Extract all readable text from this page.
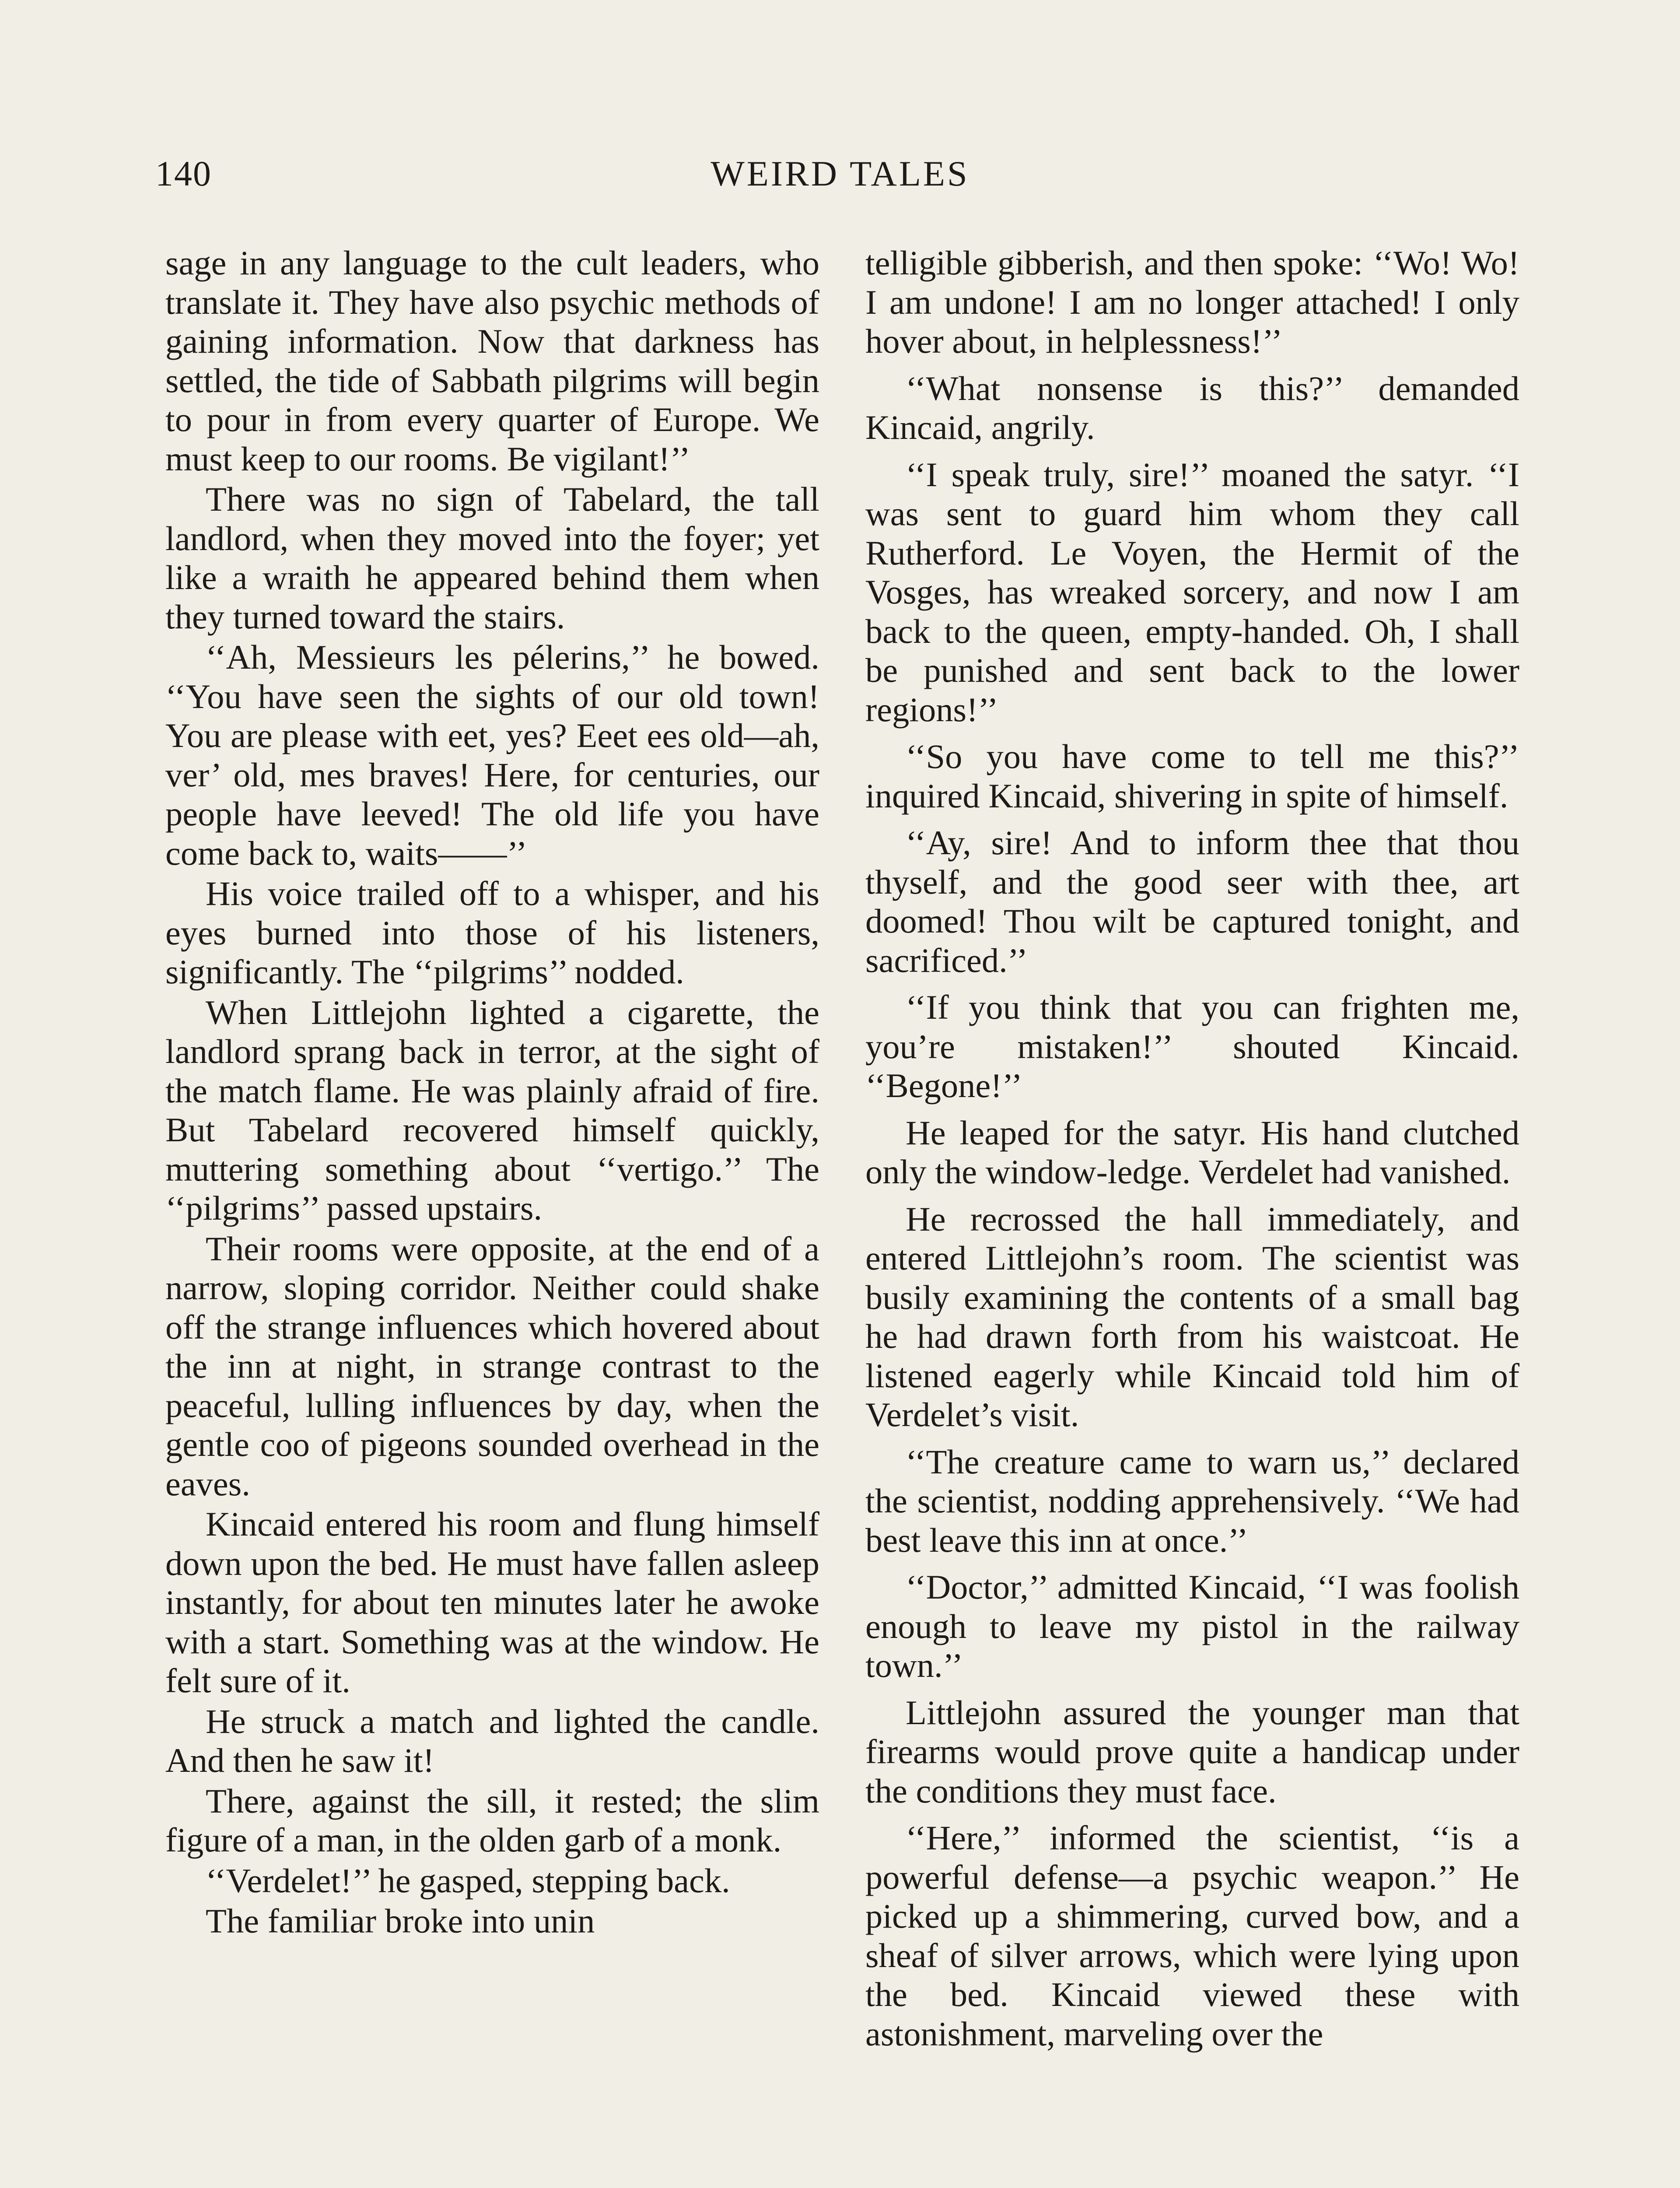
140	WEIRD TALES

sage in any language to the cult leaders, who translate it. They have also psychic methods of gaining information. Now that darkness has settled, the tide of Sabbath pilgrims will begin to pour in from every quarter of Europe. We must keep to our rooms. Be vigilant!’’

There was no sign of Tabelard, the tall landlord, when they moved into the foyer; yet like a wraith he appeared behind them when they turned toward the stairs.

‘‘Ah, Messieurs les pélerins,’’ he bowed. ‘‘You have seen the sights of our old town! You are please with eet, yes? Eeet ees old—ah, ver’ old, mes braves! Here, for centuries, our people have leeved! The old life you have come back to, waits——’’

His voice trailed off to a whisper, and his eyes burned into those of his listeners, significantly. The ‘‘pilgrims’’ nodded.

When Littlejohn lighted a cigarette, the landlord sprang back in terror, at the sight of the match flame. He was plainly afraid of fire. But Tabelard recovered himself quickly, muttering something about ‘‘vertigo.’’ The ‘‘pilgrims’’ passed upstairs.

Their rooms were opposite, at the end of a narrow, sloping corridor. Neither could shake off the strange influences which hovered about the inn at night, in strange contrast to the peaceful, lulling influences by day, when the gentle coo of pigeons sounded overhead in the eaves.

Kincaid entered his room and flung himself down upon the bed. He must have fallen asleep instantly, for about ten minutes later he awoke with a start. Something was at the window. He felt sure of it.

He struck a match and lighted the candle. And then he saw it!

There, against the sill, it rested; the slim figure of a man, in the olden garb of a monk.

‘‘Verdelet!’’ he gasped, stepping back.

The familiar broke into unin

telligible gibberish, and then spoke: ‘‘Wo! Wo! I am undone! I am no longer attached! I only hover about, in helplessness!’’

‘‘What nonsense is this?’’ demanded Kincaid, angrily.

‘‘I speak truly, sire!’’ moaned the satyr. ‘‘I was sent to guard him whom they call Rutherford. Le Voyen, the Hermit of the Vosges, has wreaked sorcery, and now I am back to the queen, empty-handed. Oh, I shall be punished and sent back to the lower regions!’’

‘‘So you have come to tell me this?’’ inquired Kincaid, shivering in spite of himself.

‘‘Ay, sire! And to inform thee that thou thyself, and the good seer with thee, art doomed! Thou wilt be captured tonight, and sacrificed.’’

‘‘If you think that you can frighten me, you’re mistaken!’’ shouted Kincaid. ‘‘Begone!’’

He leaped for the satyr. His hand clutched only the window-ledge. Verdelet had vanished.

He recrossed the hall immediately, and entered Littlejohn’s room. The scientist was busily examining the contents of a small bag he had drawn forth from his waistcoat. He listened eagerly while Kincaid told him of Verdelet’s visit.

‘‘The creature came to warn us,’’ declared the scientist, nodding apprehensively. ‘‘We had best leave this inn at once.’’

‘‘Doctor,’’ admitted Kincaid, ‘‘I was foolish enough to leave my pistol in the railway town.’’

Littlejohn assured the younger man that firearms would prove quite a handicap under the conditions they must face.

‘‘Here,’’ informed the scientist, ‘‘is a powerful defense—a psychic weapon.’’ He picked up a shimmering, curved bow, and a sheaf of silver arrows, which were lying upon the bed. Kincaid viewed these with astonishment, marveling over the
